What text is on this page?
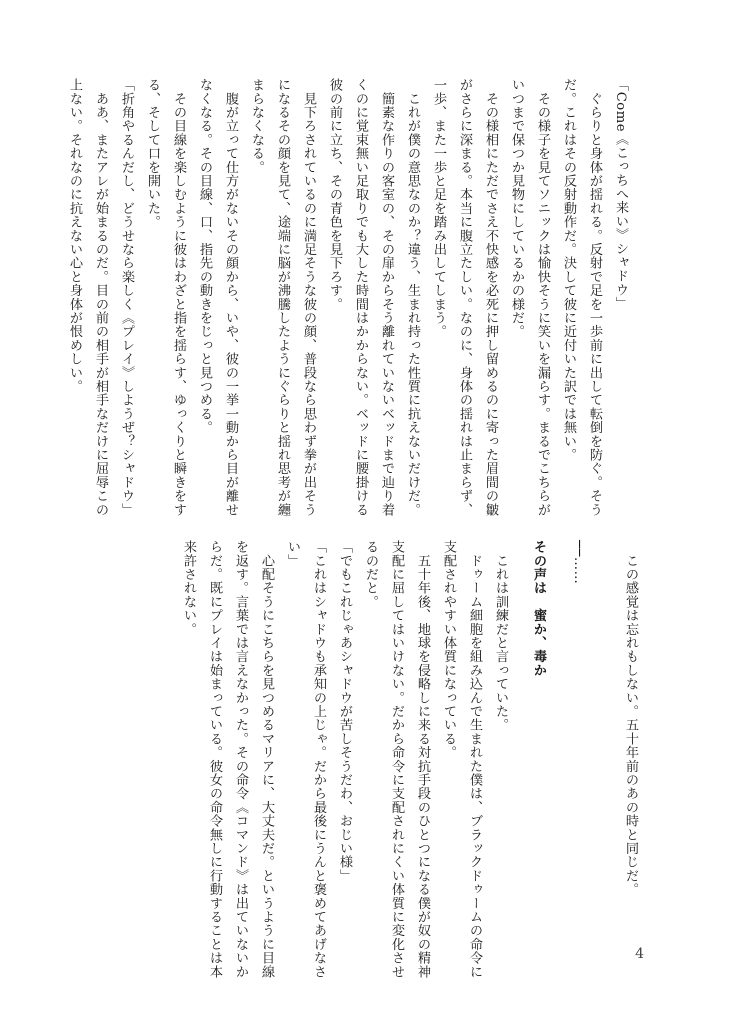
「Come《こっちへ来い》シャドウ」
　ぐらりと身体が揺れる。反射で足を一歩前に出して転倒を防ぐ。そう
だ。これはその反射動作だ。決して彼に近付いた訳では無い。
　その様子を見てソニックは愉快そうに笑いを漏らす。まるでこちらが
いつまで保つか見物にしているかの様だ。
　その様相にただでさえ不快感を必死に押し留めるのに寄った眉間の皺
がさらに深まる。本当に腹立たしい。なのに、身体の揺れは止まらず、
一歩、また一歩と足を踏み出してしまう。
　これが僕の意思なのか？違う、生まれ持った性質に抗えないだけだ。
　簡素な作りの客室の、その扉からそう離れていないベッドまで辿り着
くのに覚束無い足取りでも大した時間はかからない。ベッドに腰掛ける
彼の前に立ち、その青色を見下ろす。
　見下ろされているのに満足そうな彼の顔、普段なら思わず拳が出そう
になるその顔を見て、途端に脳が沸騰したようにぐらりと揺れ思考が纏
まらなくなる。
　腹が立って仕方がないその顔から、いや、彼の一挙一動から目が離せ
なくなる。その目線、口、指先の動きをじっと見つめる。
　その目線を楽しむように彼はわざと指を揺らす、ゆっくりと瞬きをす
る、そして口を開いた。
「折角やるんだし、どうせなら楽しく《プレイ》しようぜ？シャドウ」
　ああ、またアレが始まるのだ。目の前の相手が相手なだけに屈辱この
上ない。それなのに抗えない心と身体が恨めしい。
　この感覚は忘れもしない。五十年前のあの時と同じだ。
──……
その声は　蜜か、毒か
　これは訓練だと言っていた。
　ドゥーム細胞を組み込んで生まれた僕は、ブラックドゥームの命令に
支配されやすい体質になっている。
　五十年後、地球を侵略しに来る対抗手段のひとつになる僕が奴の精神
支配に屈してはいけない。だから命令に支配されにくい体質に変化させ
るのだと。
「でもこれじゃあシャドウが苦しそうだわ、おじい様」
「これはシャドウも承知の上じゃ。だから最後にうんと褒めてあげなさ
い」
　心配そうにこちらを見つめるマリアに、大丈夫だ。というように目線
を返す。言葉では言えなかった。その命令《コマンド》は出ていないか
らだ。既にプレイは始まっている。彼女の命令無しに行動することは本
来許されない。
4
